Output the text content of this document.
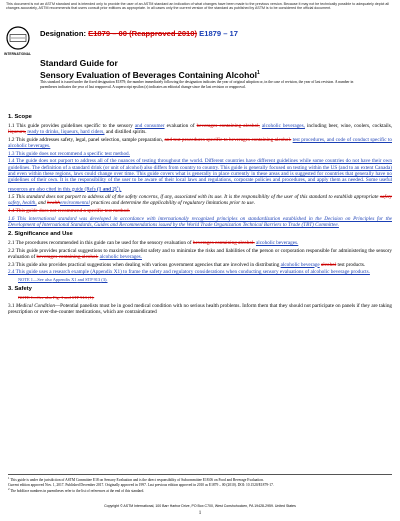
This document is not an ASTM standard and is intended only to provide the user of an ASTM standard an indication of what changes have been made to the previous version. Because it may not be technically possible to adequately depict all changes accurately, ASTM recommends that users consult prior editions as appropriate. In all cases only the current version of the standard as published by ASTM is to be considered the official document.
INTERNATIONAL
Designation: E1879 – 00 (Reapproved 2010) E1879 – 17
Standard Guide for
Sensory Evaluation of Beverages Containing Alcohol$^1$
This standard is issued under the fixed designation E1879; the number immediately following the designation indicates the year of original adoption or, in the case of revision, the year of last revision. A number in parentheses indicates the year of last reapproval. A superscript epsilon (ε) indicates an editorial change since the last revision or reapproval.

1. Scope

1.1 This guide provides guidelines specific to the sensory and consumer evaluation of beverages containing alcohol, alcoholic beverages, including beer, wine, coolers, cocktails, liqueurs, ready to drinks, liqueurs, hard ciders, and distilled spirits.

1.2 This guide addresses safety, legal, panel selection, sample preparation, and test procedures specific to beverages containing alcohol. test procedures, and code of conduct specific to alcoholic beverages.

1.3 This guide does not recommend a specific test method.

1.4 The guide does not purport to address all of the nuances of testing throughout the world. Different countries have different guidelines while some countries do not have their own guidelines. The definition of a standard drink (or unit of alcohol) also differs from country to country. This guide is generally focused on testing within the US (and to an extent Canada) and even within these regions, laws could change over time. This guide covers what is generally in place currently in these areas and is suggested for countries that generally have no guidelines of their own. It is the responsibility of the user to be aware of their local laws and regulations, corporate policies and procedures, and apply them as needed. Some useful resources are also cited in this guide (Refs (1 and 2)$^2$).

1.5 This standard does not purport to address all of the safety concerns, if any, associated with its use. It is the responsibility of the user of this standard to establish appropriate safety safety, health, and healthenvironmental practices and determine the applicability of regulatory limitations prior to use.

1.4 This guide does not recommend a specific test method.

1.6 This international standard was developed in accordance with internationally recognized principles on standardization established in the Decision on Principles for the Development of International Standards, Guides and Recommendations issued by the World Trade Organization Technical Barriers to Trade (TBT) Committee.

2. Significance and Use

2.1 The procedures recommended in this guide can be used for the sensory evaluation of beverages containing alcohol. alcoholic beverages.

2.2 This guide provides practical suggestions to maximize panelist safety and to minimize the risks and liabilities of the person or corporation responsible for administering the sensory evaluation of beverages containing alcohol. alcoholic beverages.

2.3 This guide also provides practical suggestions when dealing with various government agencies that are involved in distributing alcoholic beverage alcohol test products.

2.4 This guide uses a research example (Appendix X1) to frame the safety and regulatory considerations when conducting sensory evaluations of alcoholic beverage products.

NOTE 1—See also Appendix X1 and STP 913 (3).

3. Safety

NOTE 1—See also Fig. 1 and STP 913 (1).

3.1 Medical Condition—Potential panelists must be in good medical condition with no serious health problems. Inform them that they should not participate on panels if they are taking prescription or over-the-counter medications, which are contraindicated

$^1$ This guide is under the jurisdiction of ASTM Committee E18 on Sensory Evaluation and is the direct responsibility of Subcommittee E18.06 on Food and Beverage Evaluation.
Current edition approved Nov. 1, 2017. Published December 2017. Originally approved in 1997. Last previous edition approved in 2010 as E1879 – 00 (2010). DOI: 10.1520/E1879-17.
$^2$ The boldface numbers in parentheses refer to the list of references at the end of this standard.
Copyright © ASTM International, 100 Barr Harbor Drive, PO Box C700, West Conshohocken, PA 19428-2959. United States
1
